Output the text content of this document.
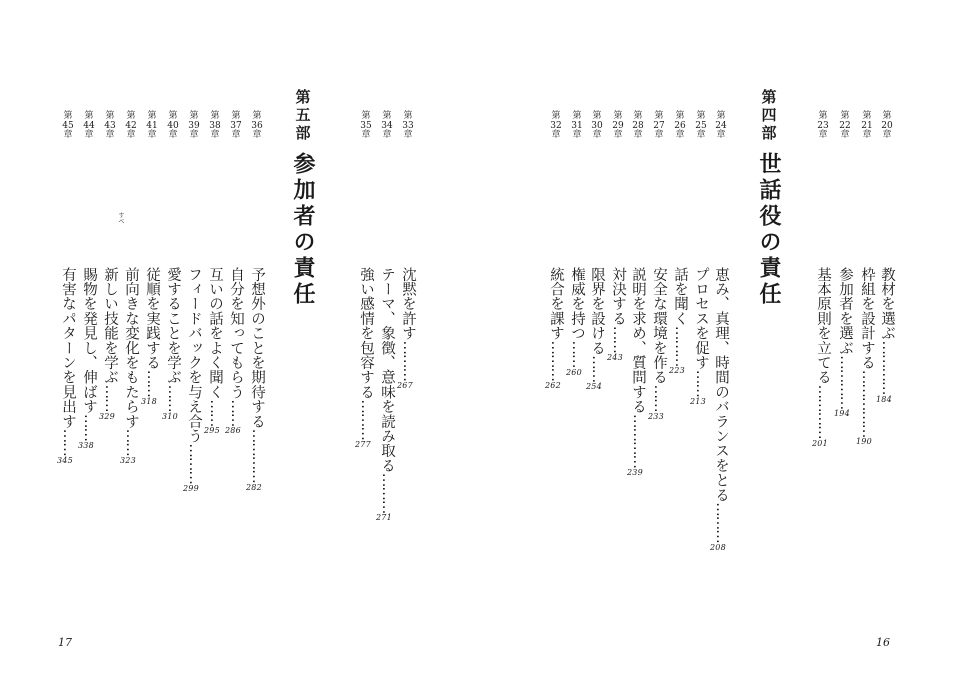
第20章
教材を選ぶ…………184
第21章
枠組を設計する……………190
第22章
参加者を選ぶ…………194
第23章
基本原則を立てる…………201
第四部
世話役の責任
第24章
恵み、真理、時間のバランスをとる………208
第25章
プロセスを促す……213
第26章
話を聞く………223
第27章
安全な環境を作る……233
第28章
説明を求め、質問する…………239
第29章
対決する……243
第30章
限界を設ける……254
第31章
権威を持つ……260
第32章
統合を課す………262
16
第33章
沈黙を許す………267
第34章
テーマ、象徴、意味を読み取る………271
第35章
強い感情を包容する………277
第五部
参加者の責任
第36章
予想外のことを期待する…………282
第37章
自分を知ってもらう……286
第38章
互いの話をよく聞く……295
第39章
フィードバックを与え合う………299
第40章
愛することを学ぶ……310
第41章
従順を実践する……318
第42章
前向きな変化をもたらす……323
第43章
新しい技能を学ぶ……329
すべ
第44章
賜物を発見し、伸ばす……338
第45章
有害なパターンを見出す……345
17
